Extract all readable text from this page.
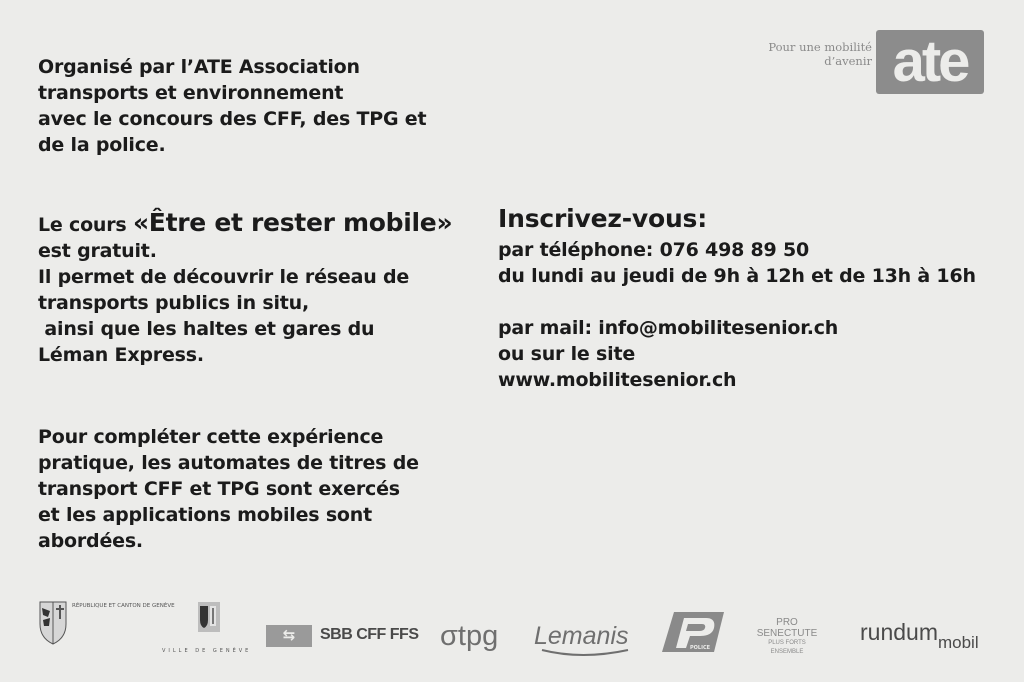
Organisé par l’ATE Association
transports et environnement
avec le concours des CFF, des TPG et
de la police.
Le cours «Être et rester mobile»
est gratuit.
Il permet de découvrir le réseau de
transports publics in situ,
ainsi que les haltes et gares du
Léman Express.
Pour compléter cette expérience
pratique, les automates de titres de
transport CFF et TPG sont exercés
et les applications mobiles sont
abordées.
Inscrivez-vous:
par téléphone: 076 498 89 50
du lundi au jeudi de 9h à 12h et de 13h à 16h
par mail: info@mobilitesenior.ch
ou sur le site
www.mobilitesenior.ch
Pour une mobilité
d’avenir ate
RÉPUBLIQUE ET CANTON DE GENÈVE
VILLE DE GENÈVE
⇆	SBB CFF FFS σtpg Lemanis	POLICE
PRO
SENECTUTE
PLUS FORTS ENSEMBLE
rundum$_{mobil}$
